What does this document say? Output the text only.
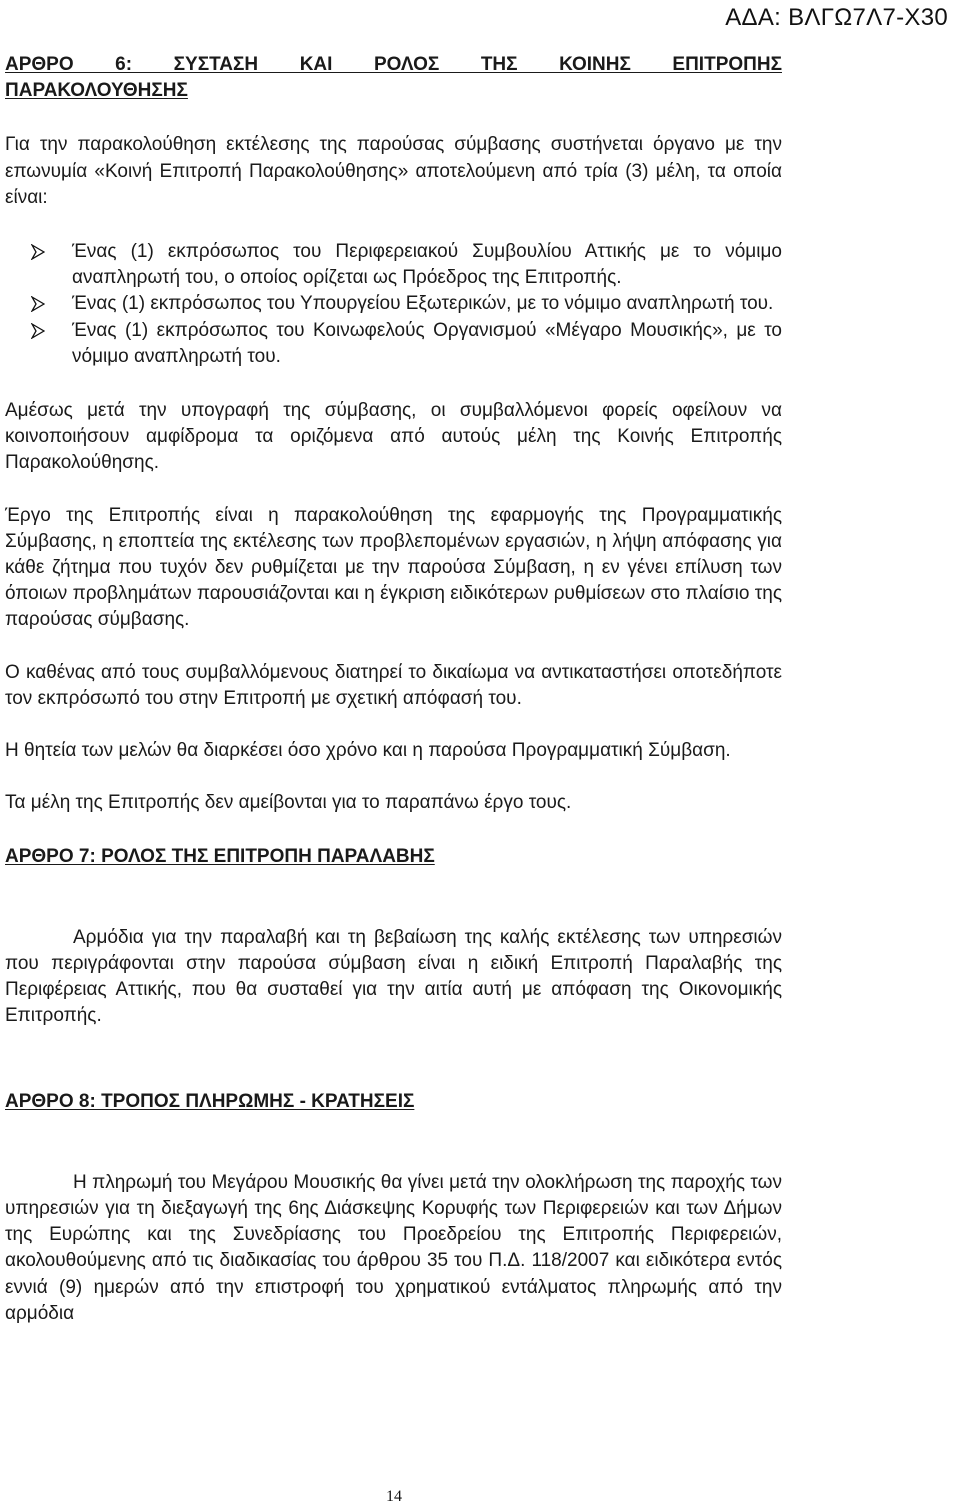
ΑΔΑ: ΒΛΓΩ7Λ7-Χ30
ΑΡΘΡΟ 6: ΣΥΣΤΑΣΗ ΚΑΙ ΡΟΛΟΣ ΤΗΣ ΚΟΙΝΗΣ ΕΠΙΤΡΟΠΗΣ ΠΑΡΑΚΟΛΟΥΘΗΣΗΣ

Για την παρακολούθηση εκτέλεσης της παρούσας σύμβασης συστήνεται όργανο με την επωνυμία «Κοινή Επιτροπή Παρακολούθησης» αποτελούμενη από τρία (3) μέλη, τα οποία είναι:

Ένας (1) εκπρόσωπος του Περιφερειακού Συμβουλίου Αττικής με το νόμιμο αναπληρωτή του, ο οποίος ορίζεται ως Πρόεδρος της Επιτροπής.
Ένας (1) εκπρόσωπος του Υπουργείου Εξωτερικών, με το νόμιμο αναπληρωτή του.
Ένας (1) εκπρόσωπος του Κοινωφελούς Οργανισμού «Μέγαρο Μουσικής», με το νόμιμο αναπληρωτή του.

Αμέσως μετά την υπογραφή της σύμβασης, οι συμβαλλόμενοι φορείς οφείλουν να κοινοποιήσουν αμφίδρομα τα οριζόμενα από αυτούς μέλη της Κοινής Επιτροπής Παρακολούθησης.

Έργο της Επιτροπής είναι η παρακολούθηση της εφαρμογής της Προγραμματικής Σύμβασης, η εποπτεία της εκτέλεσης των προβλεπομένων εργασιών, η λήψη απόφασης για κάθε ζήτημα που τυχόν δεν ρυθμίζεται με την παρούσα Σύμβαση, η εν γένει επίλυση των όποιων προβλημάτων παρουσιάζονται και η έγκριση ειδικότερων ρυθμίσεων στο πλαίσιο της παρούσας σύμβασης.

Ο καθένας από τους συμβαλλόμενους διατηρεί το δικαίωμα να αντικαταστήσει οποτεδήποτε τον εκπρόσωπό του στην Επιτροπή με σχετική απόφασή του.

Η θητεία των μελών θα διαρκέσει όσο χρόνο και η παρούσα Προγραμματική Σύμβαση.

Τα μέλη της Επιτροπής δεν αμείβονται για το παραπάνω έργο τους.

ΑΡΘΡΟ 7: ΡΟΛΟΣ ΤΗΣ ΕΠΙΤΡΟΠΗ ΠΑΡΑΛΑΒΗΣ

Αρμόδια για την παραλαβή και τη βεβαίωση της καλής εκτέλεσης των υπηρεσιών που περιγράφονται στην παρούσα σύμβαση είναι η ειδική Επιτροπή Παραλαβής της Περιφέρειας Αττικής, που θα συσταθεί για την αιτία αυτή με απόφαση της Οικονομικής Επιτροπής.

ΑΡΘΡΟ 8: ΤΡΟΠΟΣ ΠΛΗΡΩΜΗΣ - ΚΡΑΤΗΣΕΙΣ

Η πληρωμή του Μεγάρου Μουσικής θα γίνει μετά την ολοκλήρωση της παροχής των υπηρεσιών για τη διεξαγωγή της 6ης Διάσκεψης Κορυφής των Περιφερειών και των Δήμων της Ευρώπης και της Συνεδρίασης του Προεδρείου της Επιτροπής Περιφερειών, ακολουθούμενης από τις διαδικασίας του άρθρου 35 του Π.Δ. 118/2007 και ειδικότερα εντός εννιά (9) ημερών από την επιστροφή του χρηματικού εντάλματος πληρωμής από την αρμόδια

14
